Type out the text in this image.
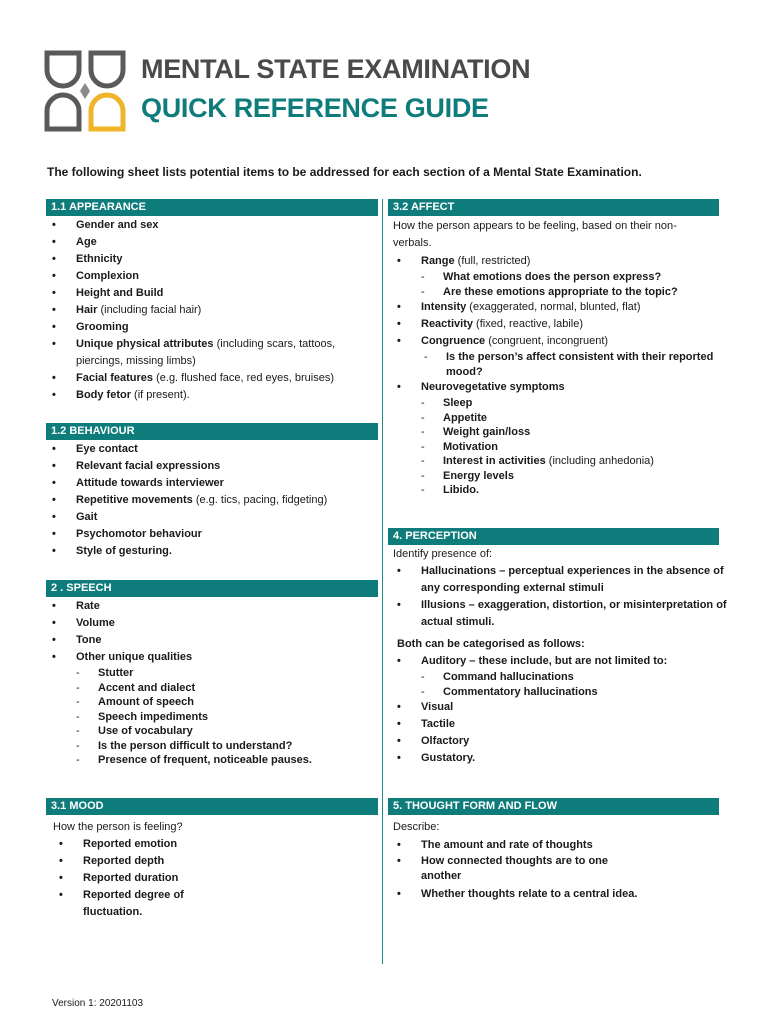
MENTAL STATE EXAMINATION
QUICK REFERENCE GUIDE
The following sheet lists potential items to be addressed for each section of a Mental State Examination.
1.1 APPEARANCE
• Gender and sex
• Age
• Ethnicity
• Complexion
• Height and Build
• Hair (including facial hair)
• Grooming
• Unique physical attributes (including scars, tattoos, piercings, missing limbs)
• Facial features (e.g. flushed face, red eyes, bruises)
• Body fetor (if present).
1.2 BEHAVIOUR
• Eye contact
• Relevant facial expressions
• Attitude towards interviewer
• Repetitive movements (e.g. tics, pacing, fidgeting)
• Gait
• Psychomotor behaviour
• Style of gesturing.
2 . SPEECH
• Rate
• Volume
• Tone
• Other unique qualities
- Stutter
- Accent and dialect
- Amount of speech
- Speech impediments
- Use of vocabulary
- Is the person difficult to understand?
- Presence of frequent, noticeable pauses.
3.1 MOOD
How the person is feeling?
• Reported emotion
• Reported depth
• Reported duration
• Reported degree of fluctuation.
3.2 AFFECT
How the person appears to be feeling, based on their non-verbals.
• Range (full, restricted)
- What emotions does the person express?
- Are these emotions appropriate to the topic?
• Intensity (exaggerated, normal, blunted, flat)
• Reactivity (fixed, reactive, labile)
• Congruence (congruent, incongruent)
- Is the person’s affect consistent with their reported mood?
• Neurovegetative symptoms
- Sleep
- Appetite
- Weight gain/loss
- Motivation
- Interest in activities (including anhedonia)
- Energy levels
- Libido.
4. PERCEPTION
Identify presence of:
• Hallucinations – perceptual experiences in the absence of any corresponding external stimuli
• Illusions – exaggeration, distortion, or misinterpretation of actual stimuli.
Both can be categorised as follows:
• Auditory – these include, but are not limited to:
- Command hallucinations
- Commentatory hallucinations
• Visual
• Tactile
• Olfactory
• Gustatory.
5. THOUGHT FORM AND FLOW
Describe:
• The amount and rate of thoughts
• How connected thoughts are to one another
• Whether thoughts relate to a central idea.
Version 1: 20201103
